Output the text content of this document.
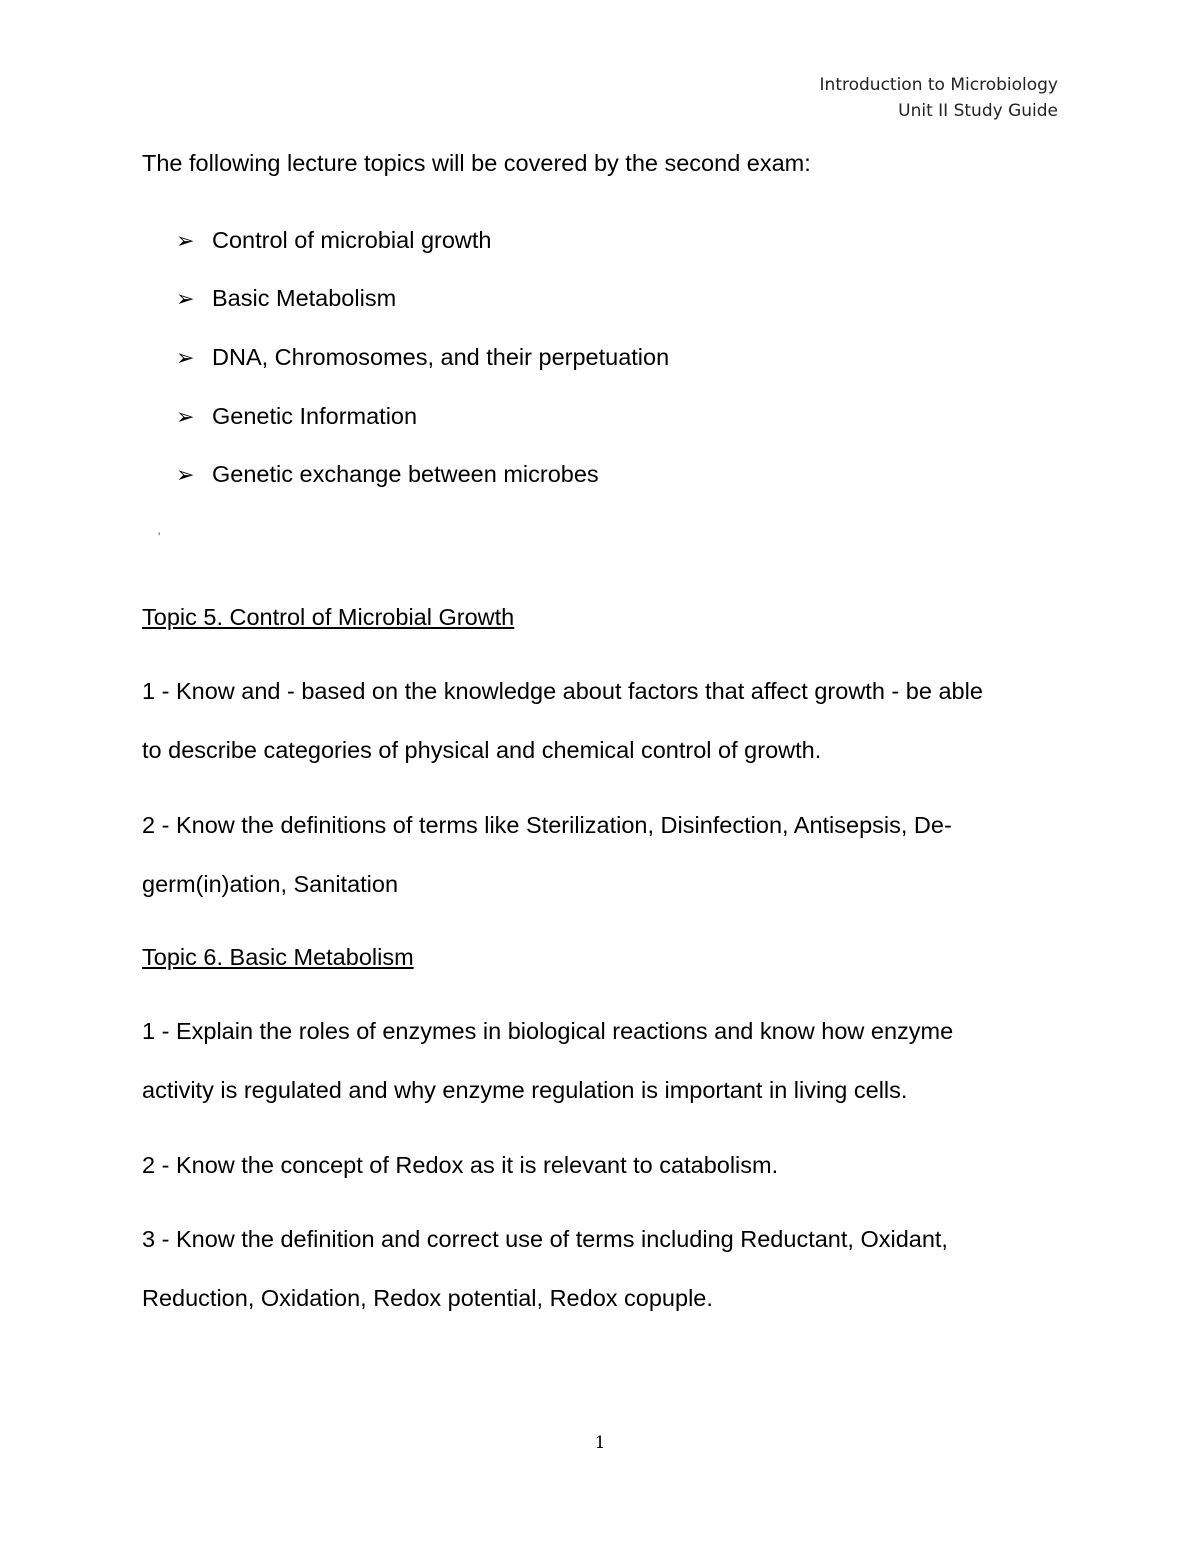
Introduction to Microbiology
Unit II Study Guide
The following lecture topics will be covered by the second exam:
➢ Control of microbial growth
➢ Basic Metabolism
➢ DNA, Chromosomes, and their perpetuation
➢ Genetic Information
➢ Genetic exchange between microbes
'
Topic 5. Control of Microbial Growth
1 - Know and - based on the knowledge about factors that affect growth - be able
to describe categories of physical and chemical control of growth.
2 - Know the definitions of terms like Sterilization, Disinfection, Antisepsis, De-
germ(in)ation, Sanitation
Topic 6. Basic Metabolism
1 - Explain the roles of enzymes in biological reactions and know how enzyme
activity is regulated and why enzyme regulation is important in living cells.
2 - Know the concept of Redox as it is relevant to catabolism.
3 - Know the definition and correct use of terms including Reductant, Oxidant,
Reduction, Oxidation, Redox potential, Redox copuple.
1
